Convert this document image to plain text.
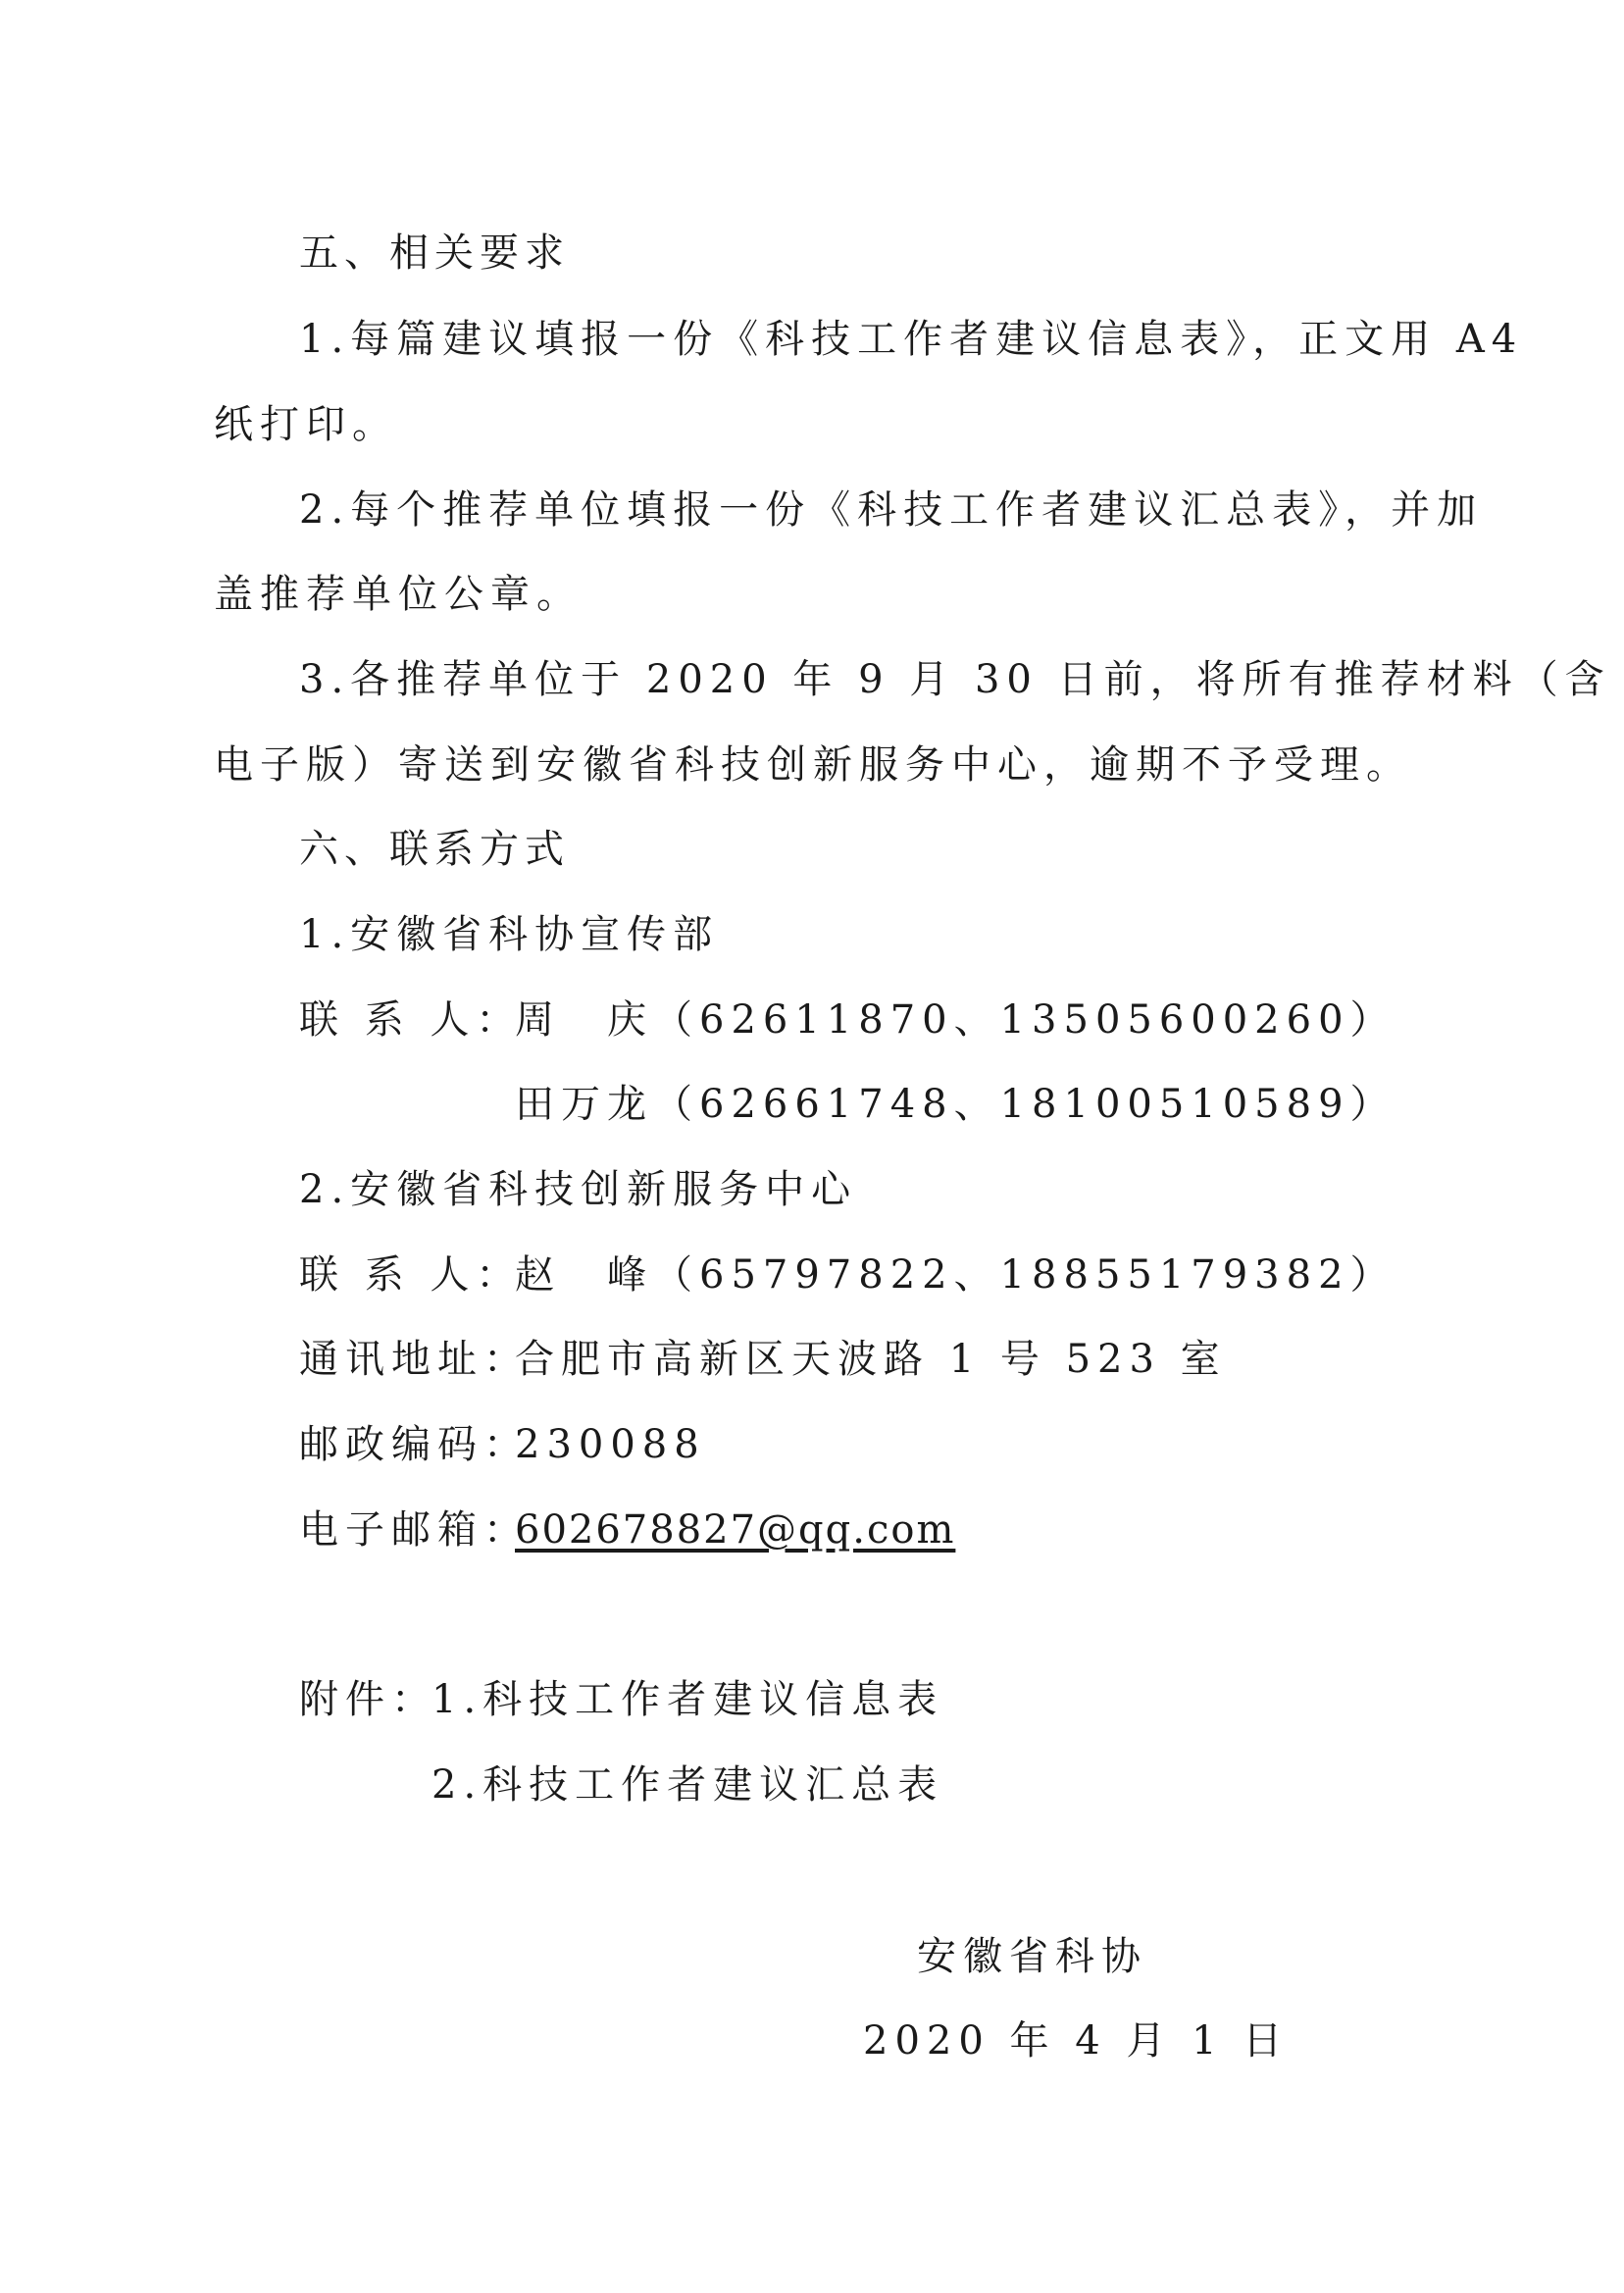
五、相关要求

1.每篇建议填报一份《科技工作者建议信息表》，正文用 A4

纸打印。

2.每个推荐单位填报一份《科技工作者建议汇总表》，并加

盖推荐单位公章。

3.各推荐单位于 2020 年 9 月 30 日前，将所有推荐材料（含

电子版）寄送到安徽省科技创新服务中心，逾期不予受理。

六、联系方式

1.安徽省科协宣传部

联 系 人：

周　庆（62611870、13505600260）

田万龙（62661748、18100510589）

2.安徽省科技创新服务中心

联 系 人：

赵　峰（65797822、18855179382）

通讯地址：

合肥市高新区天波路 1 号 523 室

邮政编码：

230088

电子邮箱：

602678827@qq.com

附件：

1.科技工作者建议信息表

2.科技工作者建议汇总表

安徽省科协

2020 年 4 月 1 日
